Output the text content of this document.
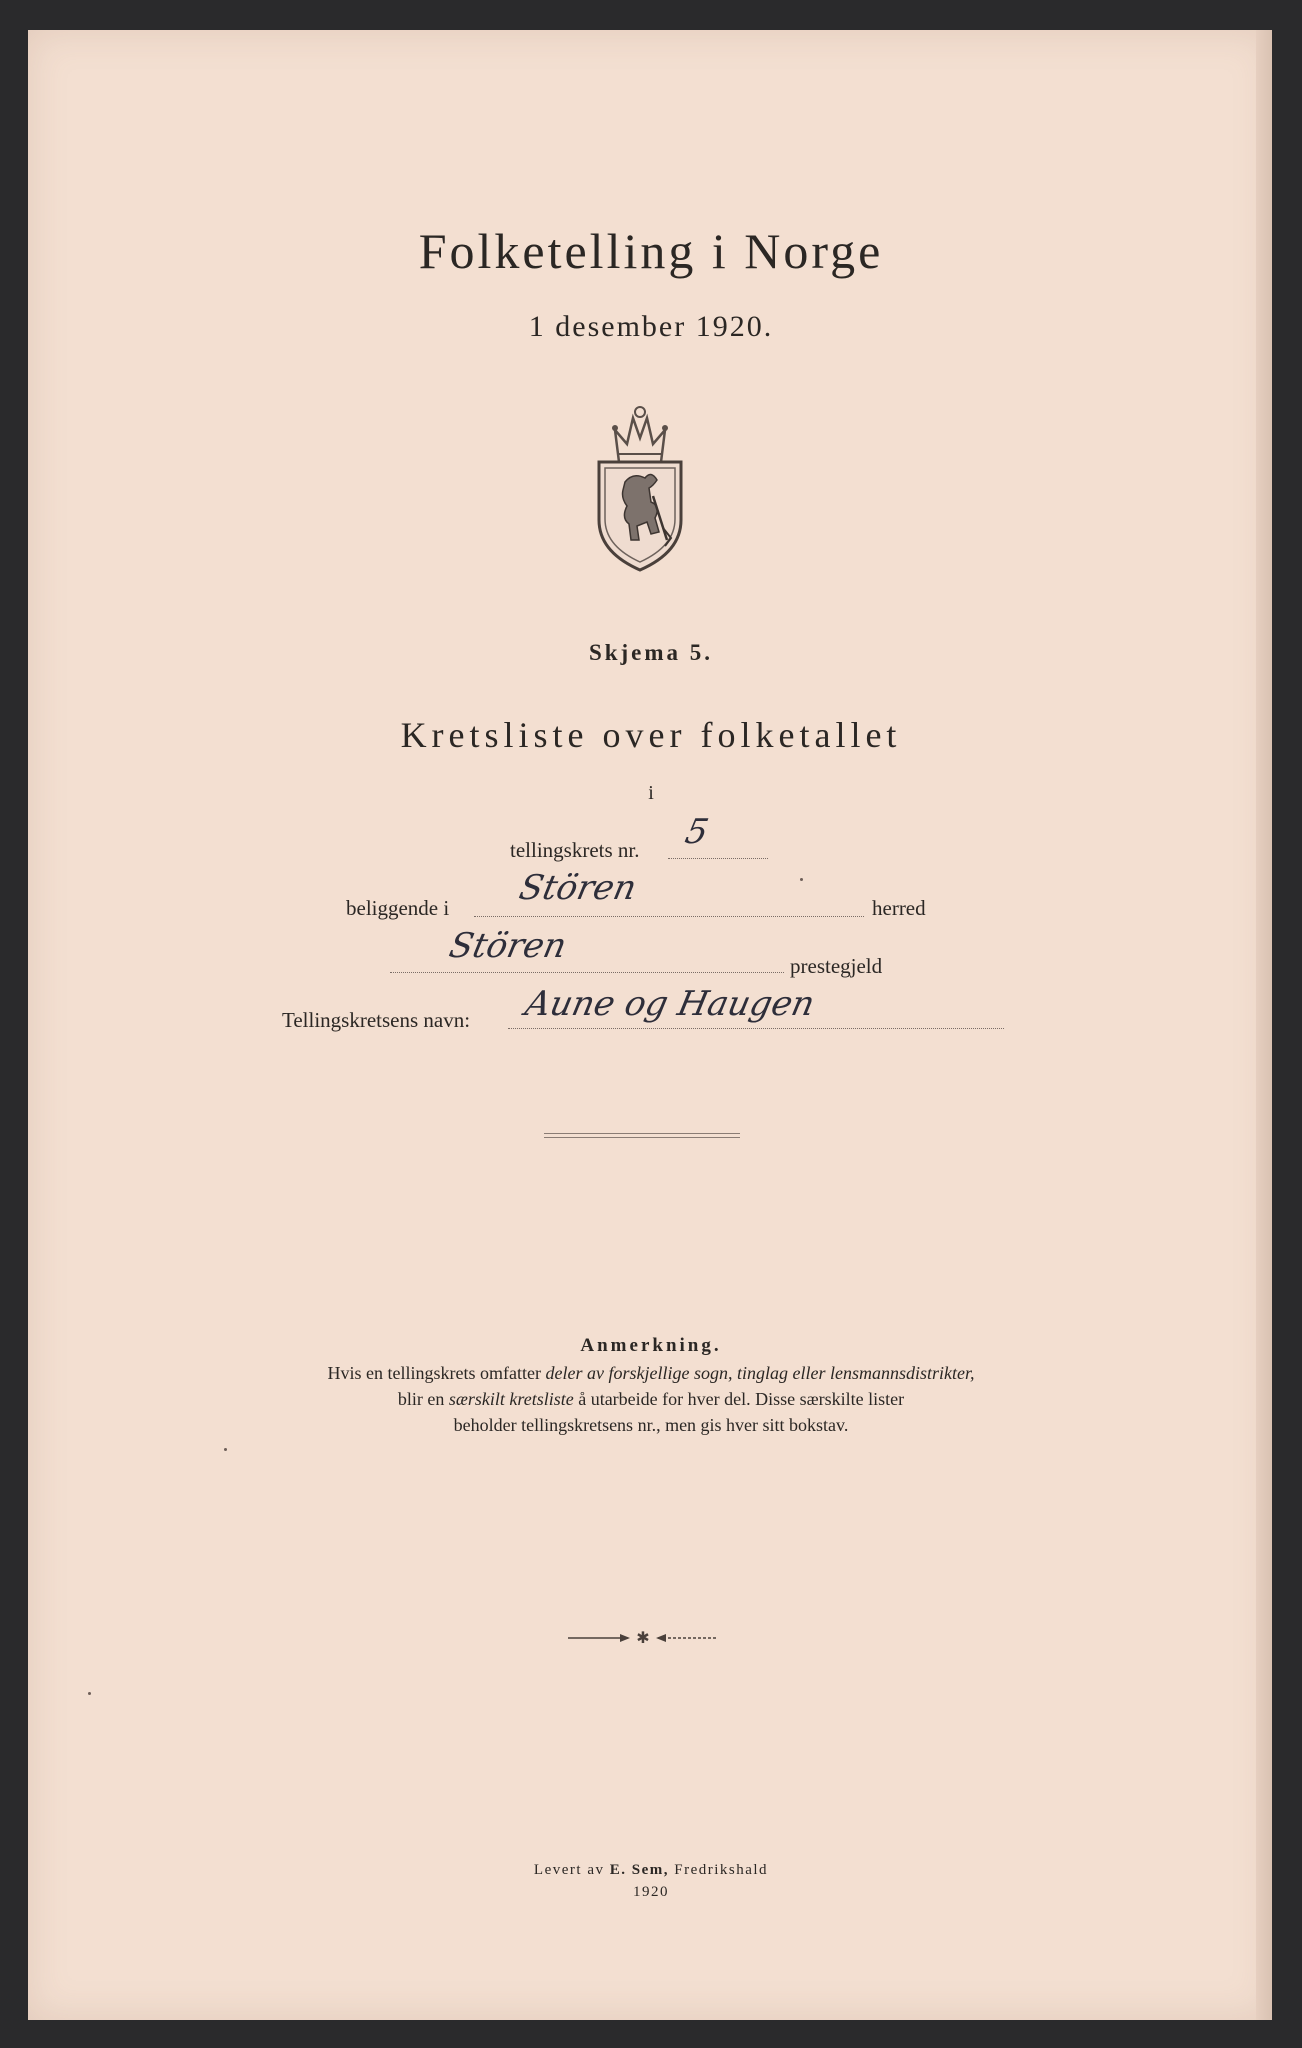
Folketelling i Norge
1 desember 1920.
Skjema 5.
Kretsliste over folketallet
i
tellingskrets nr. 5
beliggende i Stören	herred
Stören	prestegjeld
Tellingskretsens navn: Aune og Haugen
Anmerkning.
Hvis en tellingskrets omfatter deler av forskjellige sogn, tinglag eller lensmannsdistrikter,
blir en særskilt kretsliste å utarbeide for hver del. Disse særskilte lister
beholder tellingskretsens nr., men gis hver sitt bokstav.
✱
Levert av E. Sem, Fredrikshald
1920
